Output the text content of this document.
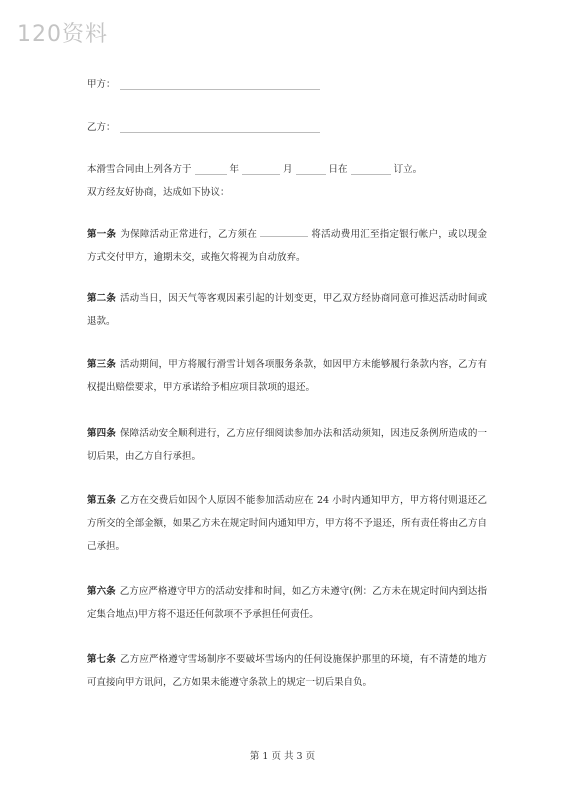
120资料
甲方：
乙方：
本滑雪合同由上列各方于	年	月	日在	订立。
双方经友好协商，达成如下协议：
第一条 为保障活动正常进行，乙方须在	将活动费用汇至指定银行帐户，或以现金方式交付甲方，逾期未交，或拖欠将视为自动放弃。
第二条 活动当日，因天气等客观因素引起的计划变更，甲乙双方经协商同意可推迟活动时间或退款。
第三条 活动期间，甲方将履行滑雪计划各项服务条款，如因甲方未能够履行条款内容，乙方有权提出赔偿要求，甲方承诺给予相应项目款项的退还。
第四条 保障活动安全顺利进行，乙方应仔细阅读参加办法和活动须知，因违反条例所造成的一切后果，由乙方自行承担。
第五条 乙方在交费后如因个人原因不能参加活动应在 24 小时内通知甲方，甲方将付则退还乙方所交的全部金额，如果乙方未在规定时间内通知甲方，甲方将不予退还，所有责任将由乙方自己承担。
第六条 乙方应严格遵守甲方的活动安排和时间，如乙方未遵守(例：乙方未在规定时间内到达指定集合地点)甲方将不退还任何款项不予承担任何责任。
第七条 乙方应严格遵守雪场制序不要破坏雪场内的任何设施保护那里的环境，有不清楚的地方可直接向甲方讯问，乙方如果未能遵守条款上的规定一切后果自负。
第 1 页 共 3 页
